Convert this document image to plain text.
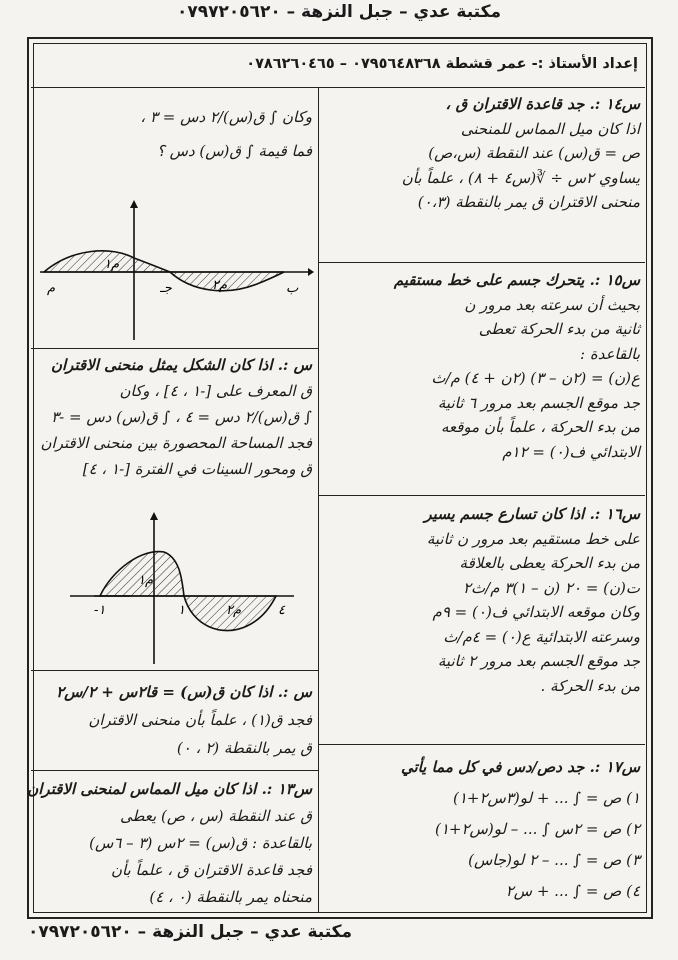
مكتبة عدي – جبل النزهة – ٠٧٩٧٢٠٥٦٢٠
إعداد الأستاذ :- عمر قشطة ٠٧٩٥٦٤٨٣٦٨ – ٠٧٨٦٢٦٠٤٦٥
س١٤ :. جد قاعدة الاقتران ق ،
اذا كان ميل المماس للمنحنى
ص = ق(س) عند النقطة (س،ص)
يساوي ٢س ÷ ∛(س٤ + ٨) ، علماً بأن
منحنى الاقتران ق يمر بالنقطة (٠،٣)
س١٥ :. يتحرك جسم على خط مستقيم
بحيث أن سرعته بعد مرور ن
ثانية من بدء الحركة تعطى
بالقاعدة :
ع(ن) = (٢ن – ٣) (٢ن + ٤) م/ث
جد موقع الجسم بعد مرور ٦ ثانية
من بدء الحركة ، علماً بأن موقعه
الابتدائي ف(٠) = ١٢م
س١٦ :. اذا كان تسارع جسم يسير
على خط مستقيم بعد مرور ن ثانية
من بدء الحركة يعطى بالعلاقة
ت(ن) = ٢٠ (ن – ١)٣ م/ث٢
وكان موقعه الابتدائي ف(٠) = ٩م
وسرعته الابتدائية ع(٠) = ٤م/ث
جد موقع الجسم بعد مرور ٢ ثانية
من بدء الحركة .
س١٧ :. جد دص/دس في كل مما يأتي
١) ص = ∫ ... + لو(٣س٢+١)
٢) ص = ٢س ∫ ... – لو(س٢+١)
٣) ص = ∫ ... – ٢ لو(جاس)
٤) ص = ∫ ... + س٢
وكان ∫ ق(س)/٢ دس = ٣ ،
فما قيمة ∫ ق(س) دس ؟
م١
م٢
م	جـ	ب
س :. اذا كان الشكل يمثل منحنى الاقتران
ق المعرف على [-١ ، ٤] ، وكان
∫ ق(س)/٢ دس = ٤ ، ∫ ق(س) دس = -٣
فجد المساحة المحصورة بين منحنى الاقتران
ق ومحور السينات في الفترة [-١ ، ٤]
م١
م٢
-١	١	٤
س :. اذا كان ق(س) = قا٢س + ٢/س٢
فجد ق(١) ، علماً بأن منحنى الاقتران
ق يمر بالنقطة (٢ ، ٠)
س١٣ :. اذا كان ميل المماس لمنحنى الاقتران
ق عند النقطة (س ، ص) يعطى
بالقاعدة : ق(س) = ٢س (٣ – ٦س)
فجد قاعدة الاقتران ق ، علماً بأن
منحناه يمر بالنقطة (٠ ، ٤)
مكتبة عدي – جبل النزهة – ٠٧٩٧٢٠٥٦٢٠
